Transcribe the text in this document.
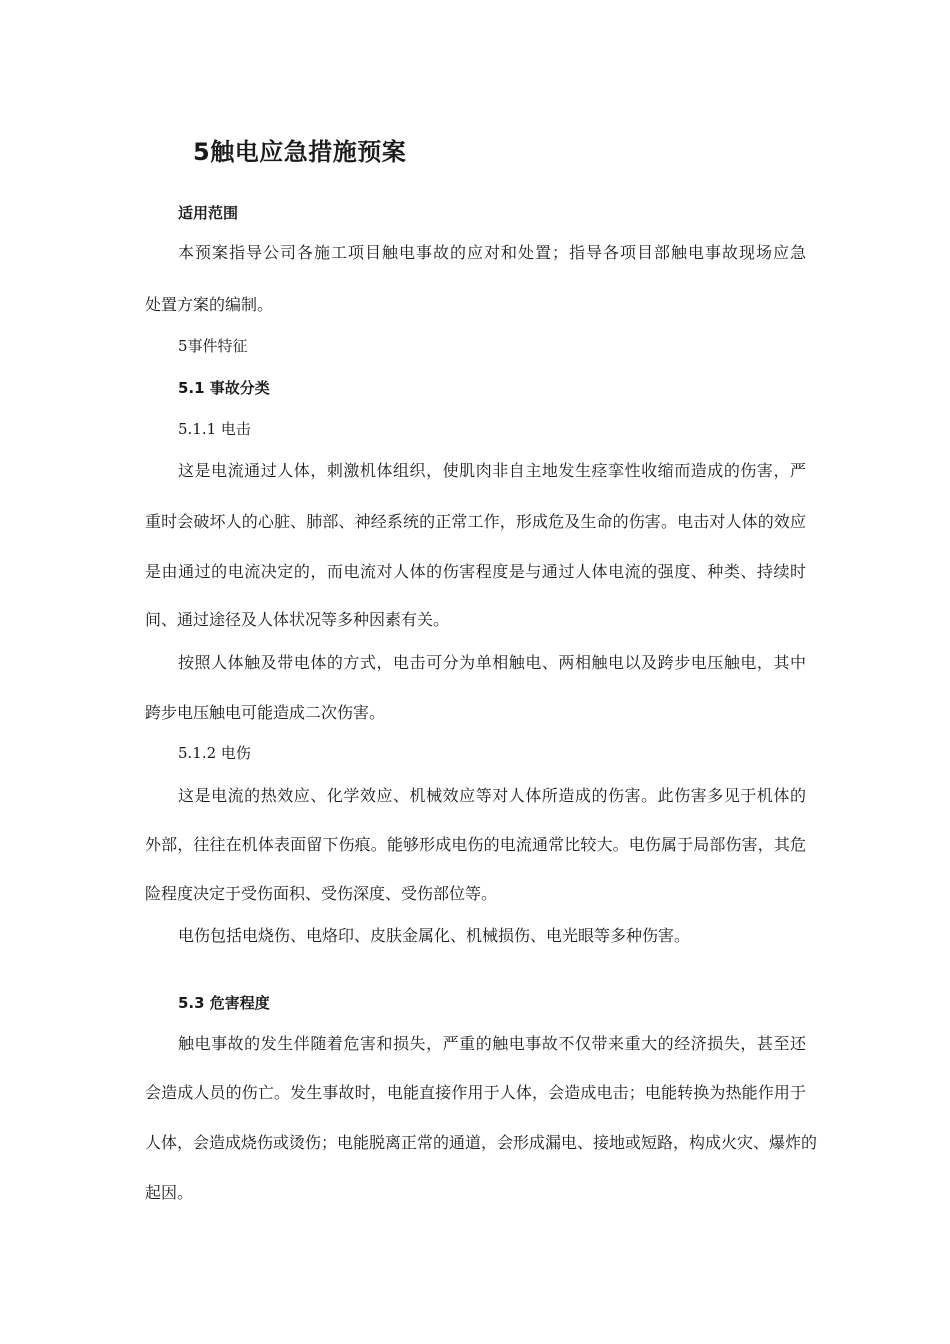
5触电应急措施预案
适用范围
本预案指导公司各施工项目触电事故的应对和处置；指导各项目部触电事故现场应急
处置方案的编制。
5事件特征
5.1 事故分类
5.1.1 电击
这是电流通过人体，刺激机体组织，使肌肉非自主地发生痉挛性收缩而造成的伤害，严
重时会破坏人的心脏、肺部、神经系统的正常工作，形成危及生命的伤害。电击对人体的效应
是由通过的电流决定的，而电流对人体的伤害程度是与通过人体电流的强度、种类、持续时
间、通过途径及人体状况等多种因素有关。
按照人体触及带电体的方式，电击可分为单相触电、两相触电以及跨步电压触电，其中
跨步电压触电可能造成二次伤害。
5.1.2 电伤
这是电流的热效应、化学效应、机械效应等对人体所造成的伤害。此伤害多见于机体的
外部，往往在机体表面留下伤痕。能够形成电伤的电流通常比较大。电伤属于局部伤害，其危
险程度决定于受伤面积、受伤深度、受伤部位等。
电伤包括电烧伤、电烙印、皮肤金属化、机械损伤、电光眼等多种伤害。
5.3 危害程度
触电事故的发生伴随着危害和损失，严重的触电事故不仅带来重大的经济损失，甚至还
会造成人员的伤亡。发生事故时，电能直接作用于人体，会造成电击；电能转换为热能作用于
人体，会造成烧伤或烫伤；电能脱离正常的通道，会形成漏电、接地或短路，构成火灾、爆炸的
起因。
